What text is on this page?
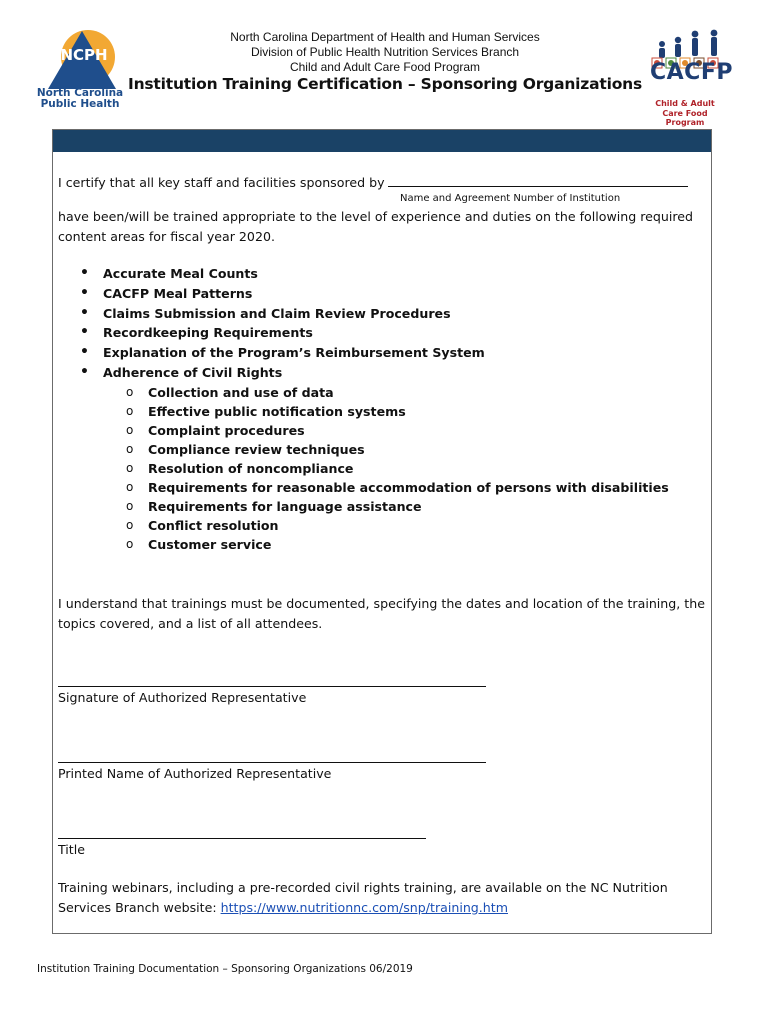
North Carolina Department of Health and Human Services
Division of Public Health Nutrition Services Branch
Child and Adult Care Food Program
Institution Training Certification – Sponsoring Organizations
NCPH
North Carolina
Public Health
CACFP
Child & Adult
Care Food Program
I certify that all key staff and facilities sponsored by
Name and Agreement Number of Institution
have been/will be trained appropriate to the level of experience and duties on the following required content areas for fiscal year 2020.
• Accurate Meal Counts
• CACFP Meal Patterns
• Claims Submission and Claim Review Procedures
• Recordkeeping Requirements
• Explanation of the Program’s Reimbursement System
• Adherence of Civil Rights
o Collection and use of data
o Effective public notification systems
o Complaint procedures
o Compliance review techniques
o Resolution of noncompliance
o Requirements for reasonable accommodation of persons with disabilities
o Requirements for language assistance
o Conflict resolution
o Customer service
I understand that trainings must be documented, specifying the dates and location of the training, the topics covered, and a list of all attendees.
Signature of Authorized Representative
Printed Name of Authorized Representative
Title
Training webinars, including a pre-recorded civil rights training, are available on the NC Nutrition Services Branch website: https://www.nutritionnc.com/snp/training.htm
Institution Training Documentation – Sponsoring Organizations 06/2019
